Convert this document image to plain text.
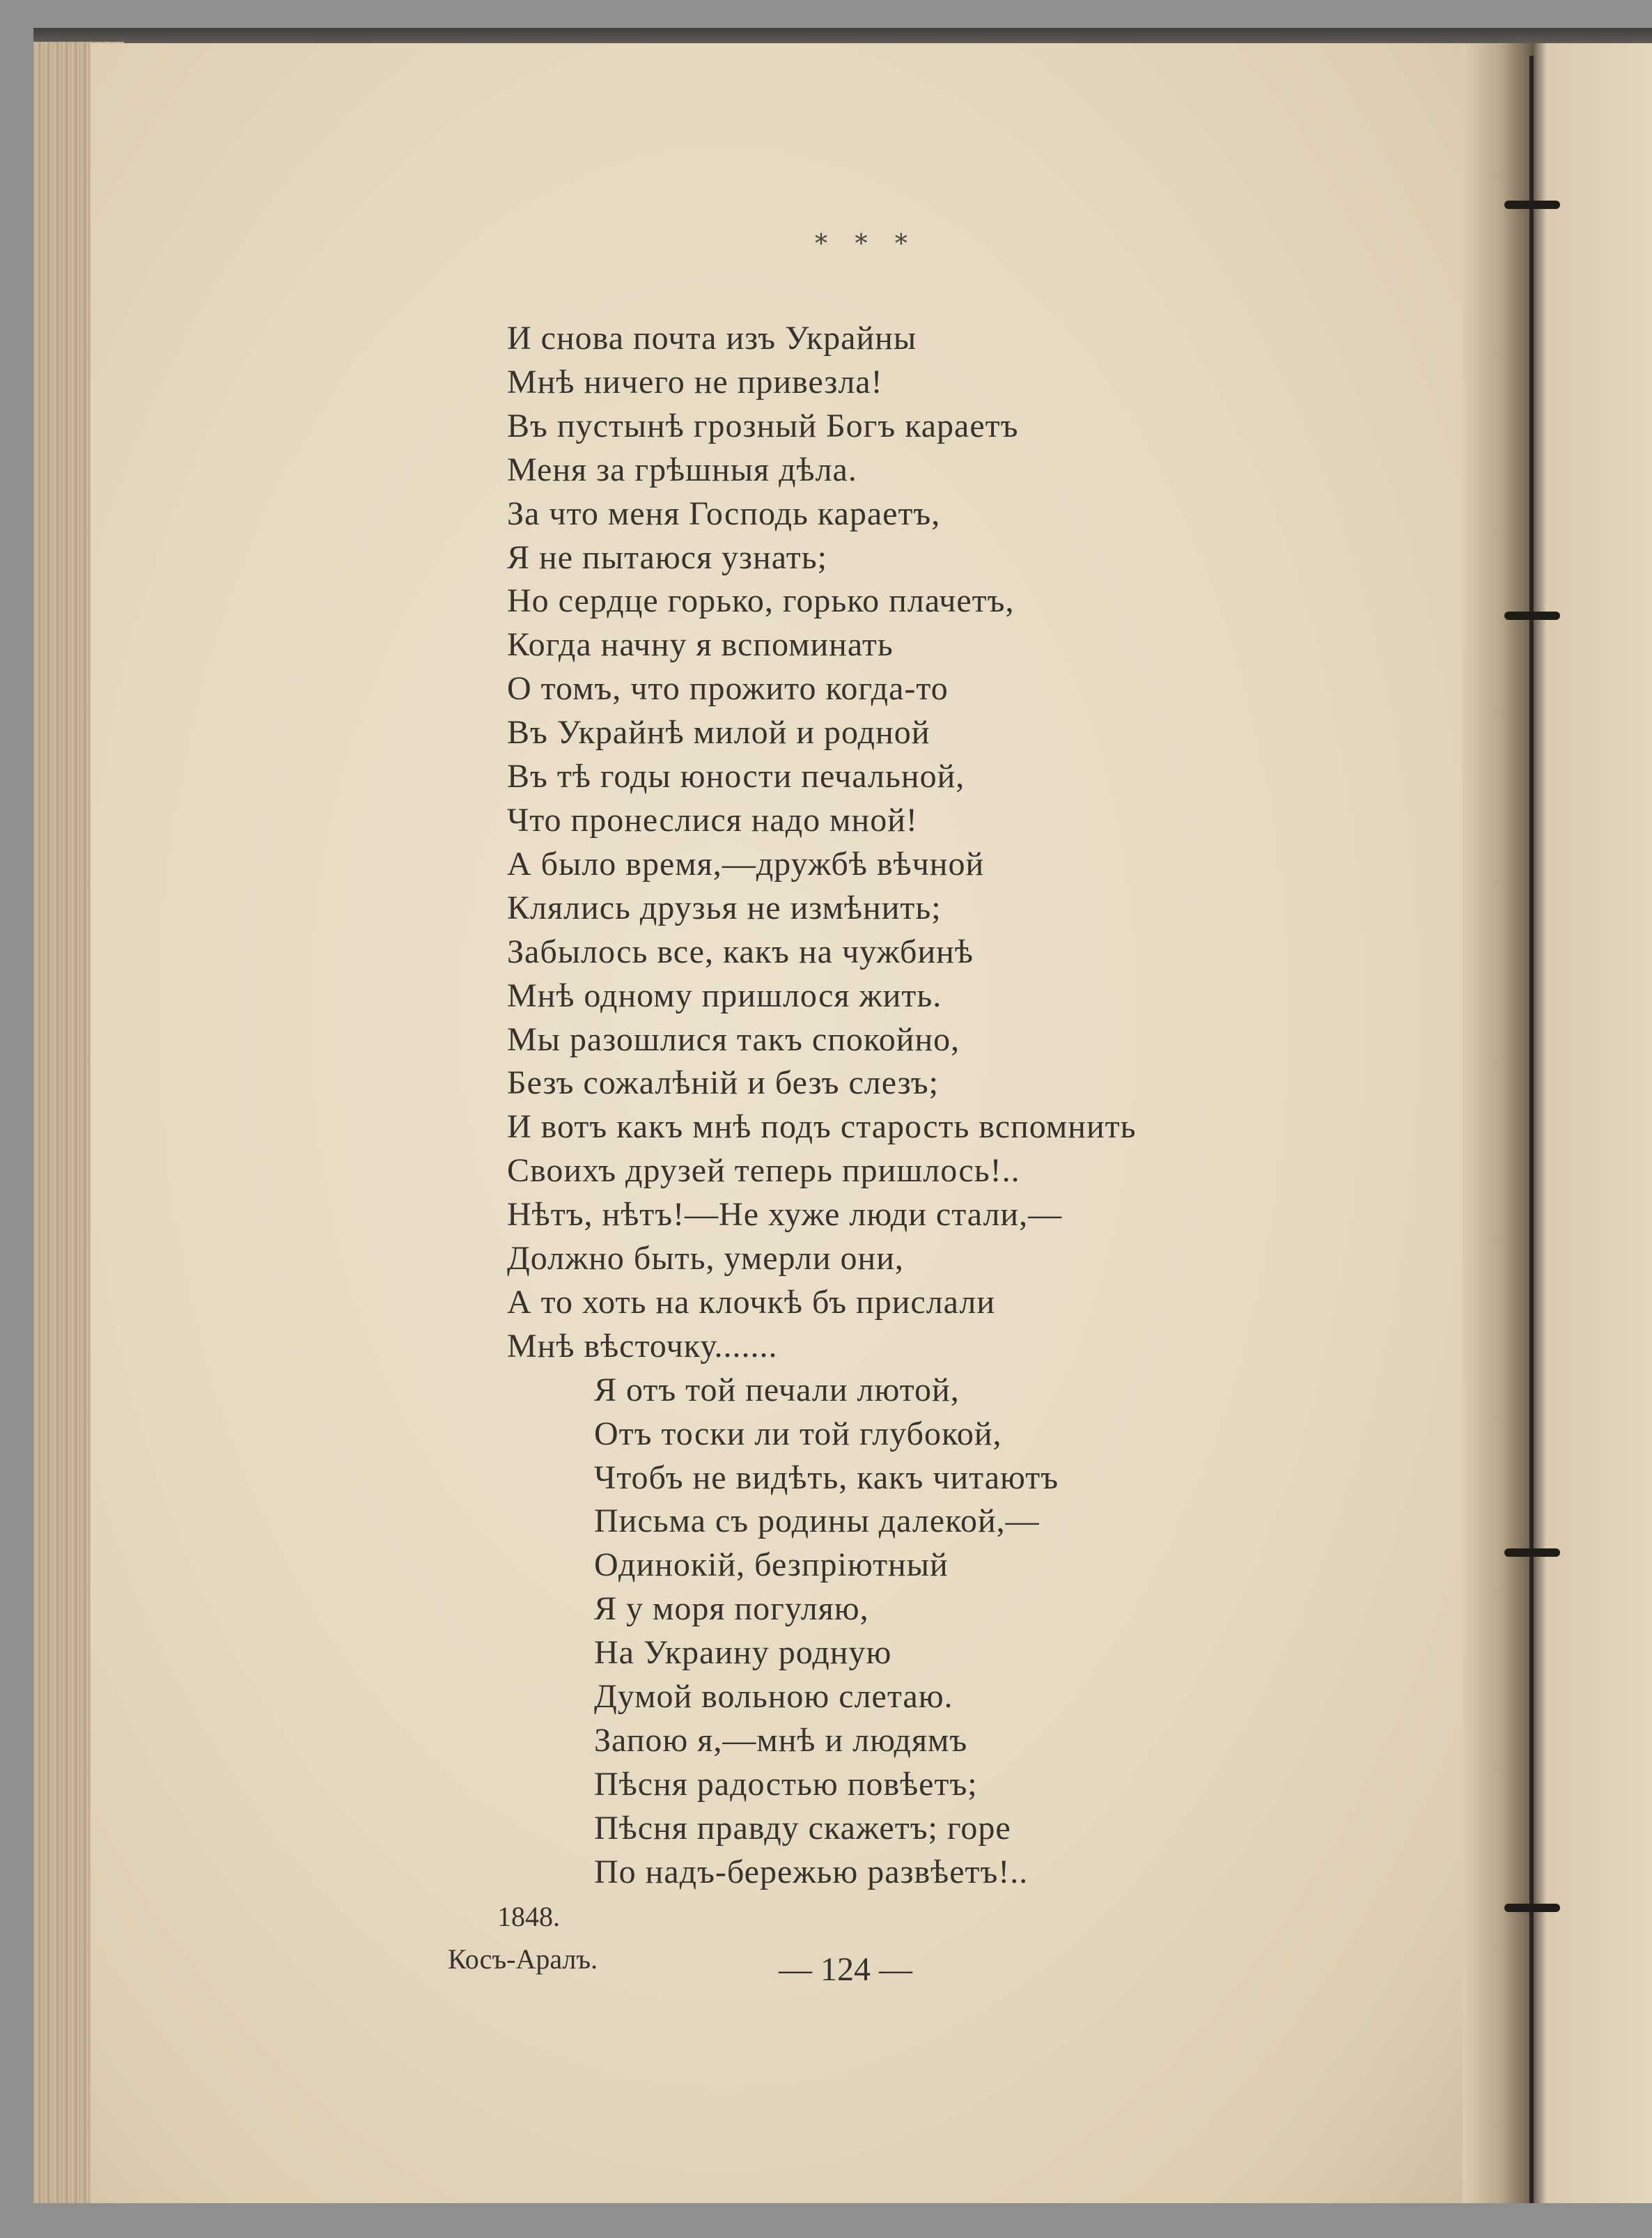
* * *
И снова почта изъ Украйны
Мнѣ ничего не привезла!
Въ пустынѣ грозный Богъ караетъ
Меня за грѣшныя дѣла.
За что меня Господь караетъ,
Я не пытаюся узнать;
Но сердце горько, горько плачетъ,
Когда начну я вспоминать
О томъ, что прожито когда-то
Въ Украйнѣ милой и родной
Въ тѣ годы юности печальной,
Что пронеслися надо мной!
А было время,—дружбѣ вѣчной
Клялись друзья не измѣнить;
Забылось все, какъ на чужбинѣ
Мнѣ одному пришлося жить.
Мы разошлися такъ спокойно,
Безъ сожалѣній и безъ слезъ;
И вотъ какъ мнѣ подъ старость вспомнить
Своихъ друзей теперь пришлось!..
Нѣтъ, нѣтъ!—Не хуже люди стали,—
Должно быть, умерли они,
А то хоть на клочкѣ бъ прислали
Мнѣ вѣсточку.......
Я отъ той печали лютой,
Отъ тоски ли той глубокой,
Чтобъ не видѣть, какъ читаютъ
Письма съ родины далекой,—
Одинокій, безпріютный
Я у моря погуляю,
На Украину родную
Думой вольною слетаю.
Запою я,—мнѣ и людямъ
Пѣсня радостью повѣетъ;
Пѣсня правду скажетъ; горе
По надъ-бережью развѣетъ!..
1848.
Косъ-Аралъ.	— 124 —
